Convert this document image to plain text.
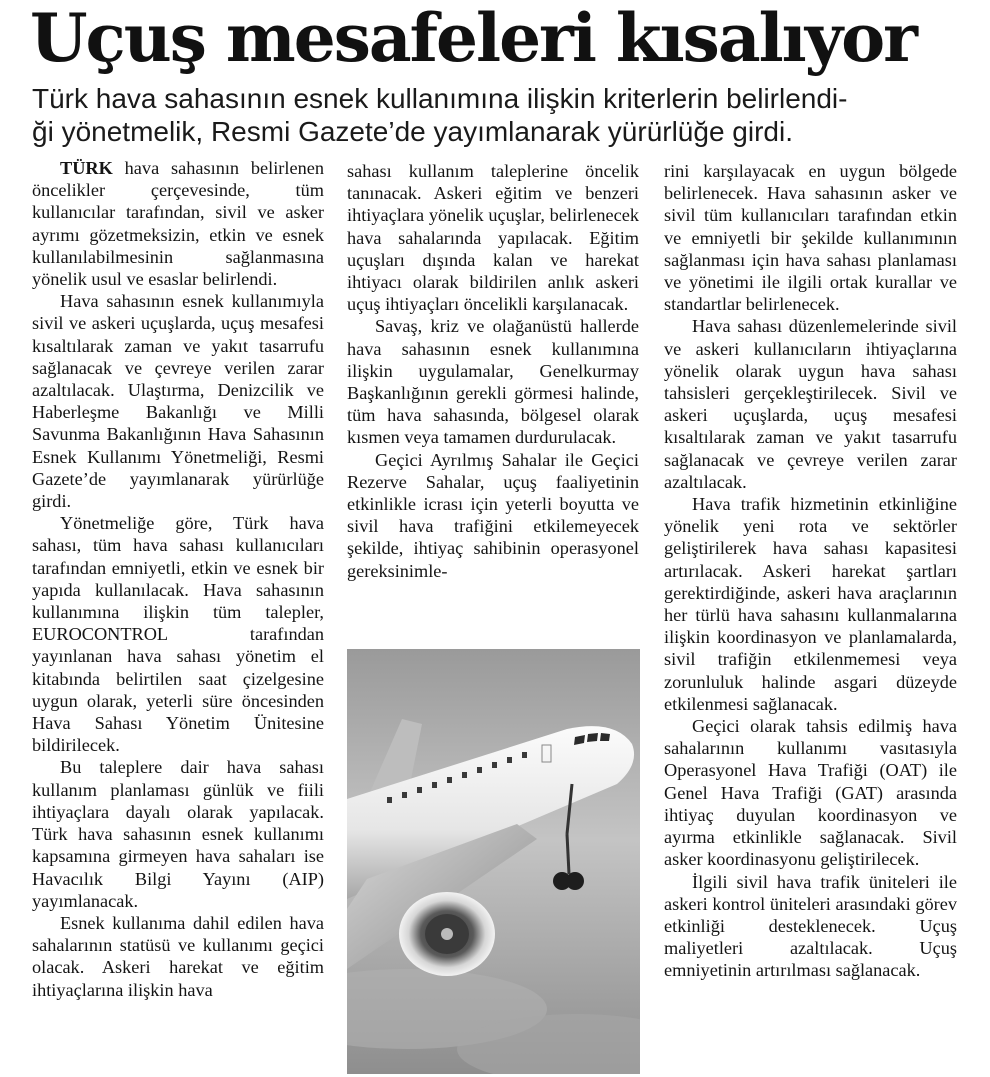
Uçuş mesafeleri kısalıyor
Türk hava sahasının esnek kullanımına ilişkin kriterlerin belirlendi-
ği yönetmelik, Resmi Gazete’de yayımlanarak yürürlüğe girdi.

TÜRK hava sahasının belirlenen öncelikler çerçevesinde, tüm kullanıcılar tarafından, sivil ve asker ayrımı gözetmeksizin, etkin ve esnek kullanılabilmesinin sağlanmasına yönelik usul ve esaslar belirlendi.

Hava sahasının esnek kullanımıyla sivil ve askeri uçuşlarda, uçuş mesafesi kısaltılarak zaman ve yakıt tasarrufu sağlanacak ve çevreye verilen zarar azaltılacak. Ulaştırma, Denizcilik ve Haberleşme Bakanlığı ve Milli Savunma Bakanlığının Hava Sahasının Esnek Kullanımı Yönetmeliği, Resmi Gazete’de yayımlanarak yürürlüğe girdi.

Yönetmeliğe göre, Türk hava sahası, tüm hava sahası kullanıcıları tarafından emniyetli, etkin ve esnek bir yapıda kullanılacak. Hava sahasının kullanımına ilişkin tüm talepler, EUROCONTROL tarafından yayınlanan hava sahası yönetim el kitabında belirtilen saat çizelgesine uygun olarak, yeterli süre öncesinden Hava Sahası Yönetim Ünitesine bildirilecek.

Bu taleplere dair hava sahası kullanım planlaması günlük ve fiili ihtiyaçlara dayalı olarak yapılacak. Türk hava sahasının esnek kullanımı kapsamına girmeyen hava sahaları ise Havacılık Bilgi Yayını (AIP) yayımlanacak.

Esnek kullanıma dahil edilen hava sahalarının statüsü ve kullanımı geçici olacak. Askeri harekat ve eğitim ihtiyaçlarına ilişkin hava

sahası kullanım taleplerine öncelik tanınacak. Askeri eğitim ve benzeri ihtiyaçlara yönelik uçuşlar, belirlenecek hava sahalarında yapılacak. Eğitim uçuşları dışında kalan ve harekat ihtiyacı olarak bildirilen anlık askeri uçuş ihtiyaçları öncelikli karşılanacak.

Savaş, kriz ve olağanüstü hallerde hava sahasının esnek kullanımına ilişkin uygulamalar, Genelkurmay Başkanlığının gerekli görmesi halinde, tüm hava sahasında, bölgesel olarak kısmen veya tamamen durdurulacak.

Geçici Ayrılmış Sahalar ile Geçici Rezerve Sahalar, uçuş faaliyetinin etkinlikle icrası için yeterli boyutta ve sivil hava trafiğini etkilemeyecek şekilde, ihtiyaç sahibinin operasyonel gereksinimle-

rini karşılayacak en uygun bölgede belirlenecek. Hava sahasının asker ve sivil tüm kullanıcıları tarafından etkin ve emniyetli bir şekilde kullanımının sağlanması için hava sahası planlaması ve yönetimi ile ilgili ortak kurallar ve standartlar belirlenecek.

Hava sahası düzenlemelerinde sivil ve askeri kullanıcıların ihtiyaçlarına yönelik olarak uygun hava sahası tahsisleri gerçekleştirilecek. Sivil ve askeri uçuşlarda, uçuş mesafesi kısaltılarak zaman ve yakıt tasarrufu sağlanacak ve çevreye verilen zarar azaltılacak.

Hava trafik hizmetinin etkinliğine yönelik yeni rota ve sektörler geliştirilerek hava sahası kapasitesi artırılacak. Askeri harekat şartları gerektirdiğinde, askeri hava araçlarının her türlü hava sahasını kullanmalarına ilişkin koordinasyon ve planlamalarda, sivil trafiğin etkilenmemesi veya zorunluluk halinde asgari düzeyde etkilenmesi sağlanacak.

Geçici olarak tahsis edilmiş hava sahalarının kullanımı vasıtasıyla Operasyonel Hava Trafiği (OAT) ile Genel Hava Trafiği (GAT) arasında ihtiyaç duyulan koordinasyon ve ayırma etkinlikle sağlanacak. Sivil asker koordinasyonu geliştirilecek.

İlgili sivil hava trafik üniteleri ile askeri kontrol üniteleri arasındaki görev etkinliği desteklenecek. Uçuş maliyetleri azaltılacak. Uçuş emniyetinin artırılması sağlanacak.
